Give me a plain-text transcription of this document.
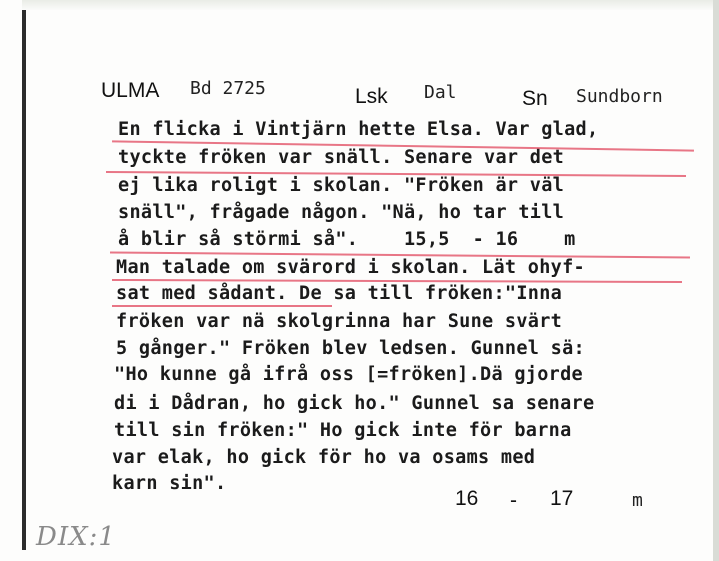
ULMA Bd 2725	Lsk Dal	Sn Sundborn
En flicka i Vintjärn hette Elsa. Var glad,
tyckte fröken var snäll. Senare var det
ej lika roligt i skolan. "Fröken är väl
snäll", frågade någon. "Nä, ho tar till
å blir så störmi så".    15,5  - 16    m
Man talade om svärord i skolan. Lät ohyf-
sat med sådant. De sa till fröken:"Inna
fröken var nä skolgrinna har Sune svärt
5 gånger." Fröken blev ledsen. Gunnel sä:
"Ho kunne gå ifrå oss [=fröken].Dä gjorde
di i Dådran, ho gick ho." Gunnel sa senare
till sin fröken:" Ho gick inte för barna
var elak, ho gick för ho va osams med
karn sin".
16 - 17	m
DIX:1
